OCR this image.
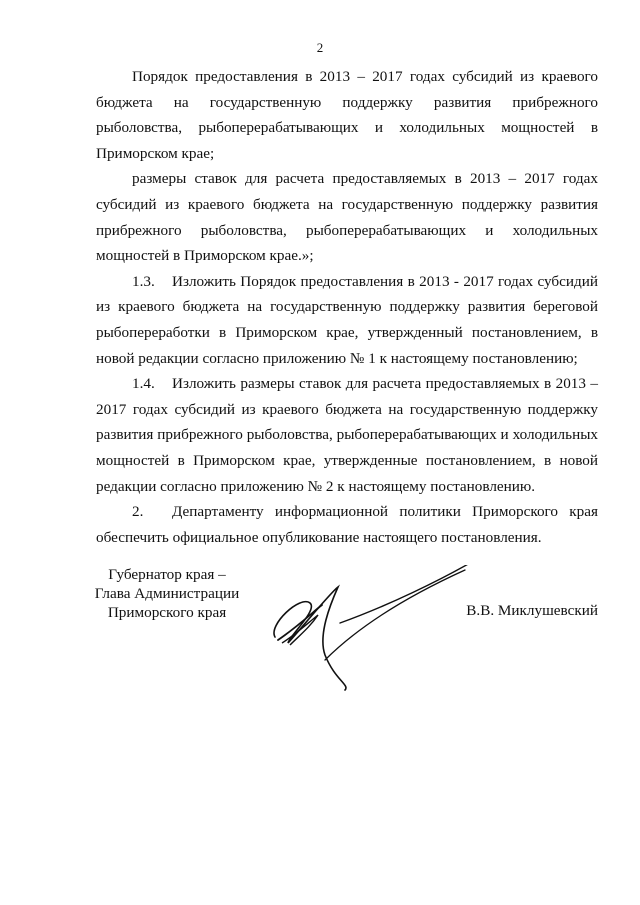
2

Порядок предоставления в 2013 – 2017 годах субсидий из краевого бюджета на государственную поддержку развития прибрежного рыболовства, рыбоперерабатывающих и холодильных мощностей в Приморском крае;

размеры ставок для расчета предоставляемых в 2013 – 2017 годах субсидий из краевого бюджета на государственную поддержку развития прибрежного рыболовства, рыбоперерабатывающих и холодильных мощностей в Приморском крае.»;

1.3. Изложить Порядок предоставления в 2013 - 2017 годах субсидий из краевого бюджета на государственную поддержку развития береговой рыбопереработки в Приморском крае, утвержденный постановлением, в новой редакции согласно приложению № 1 к настоящему постановлению;

1.4. Изложить размеры ставок для расчета предоставляемых в 2013 – 2017 годах субсидий из краевого бюджета на государственную поддержку развития прибрежного рыболовства, рыбоперерабатывающих и холодильных мощностей в Приморском крае, утвержденные постановлением, в новой редакции согласно приложению № 2 к настоящему постановлению.

2. Департаменту информационной политики Приморского края обеспечить официальное опубликование настоящего постановления.

Губернатор края –
Глава Администрации
Приморского края	В.В. Миклушевский
